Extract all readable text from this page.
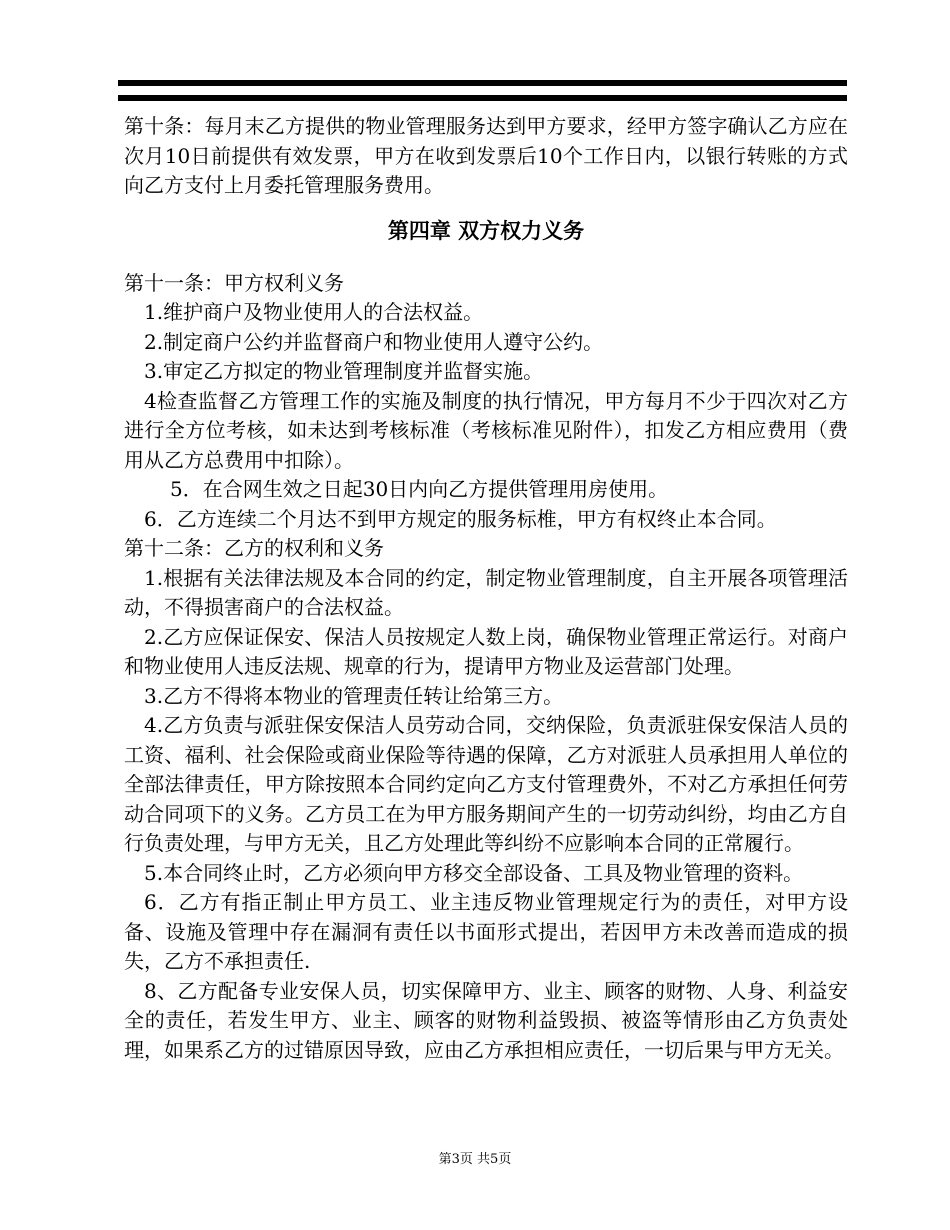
第十条：每月末乙方提供的物业管理服务达到甲方要求，经甲方签字确认乙方应在次月10日前提供有效发票，甲方在收到发票后10个工作日内，以银行转账的方式向乙方支付上月委托管理服务费用。

第四章 双方权力义务

第十一条：甲方权利义务

1.维护商户及物业使用人的合法权益。

2.制定商户公约并监督商户和物业使用人遵守公约。

3.审定乙方拟定的物业管理制度并监督实施。

4检查监督乙方管理工作的实施及制度的执行情况，甲方每月不少于四次对乙方进行全方位考核，如未达到考核标准（考核标准见附件），扣发乙方相应费用（费用从乙方总费用中扣除）。

5．在合网生效之日起30日内向乙方提供管理用房使用。

6．乙方连续二个月达不到甲方规定的服务标椎，甲方有权终止本合同。

第十二条：乙方的权利和义务

1.根据有关法律法规及本合同的约定，制定物业管理制度，自主开展各项管理活动，不得损害商户的合法权益。

2.乙方应保证保安、保洁人员按规定人数上岗，确保物业管理正常运行。对商户和物业使用人违反法规、规章的行为，提请甲方物业及运营部门处理。

3.乙方不得将本物业的管理责任转让给第三方。

4.乙方负责与派驻保安保洁人员劳动合同，交纳保险，负责派驻保安保洁人员的工资、福利、社会保险或商业保险等待遇的保障，乙方对派驻人员承担用人单位的全部法律责任，甲方除按照本合同约定向乙方支付管理费外，不对乙方承担任何劳动合同项下的义务。乙方员工在为甲方服务期间产生的一切劳动纠纷，均由乙方自行负责处理，与甲方无关，且乙方处理此等纠纷不应影响本合同的正常履行。

5.本合同终止时，乙方必须向甲方移交全部设备、工具及物业管理的资料。

6．乙方有指正制止甲方员工、业主违反物业管理规定行为的责任，对甲方设备、设施及管理中存在漏洞有责任以书面形式提出，若因甲方未改善而造成的损失，乙方不承担责任.

8、乙方配备专业安保人员，切实保障甲方、业主、顾客的财物、人身、利益安全的责任，若发生甲方、业主、顾客的财物利益毁损、被盗等情形由乙方负责处理，如果系乙方的过错原因导致，应由乙方承担相应责任，一切后果与甲方无关。

第3页 共5页
